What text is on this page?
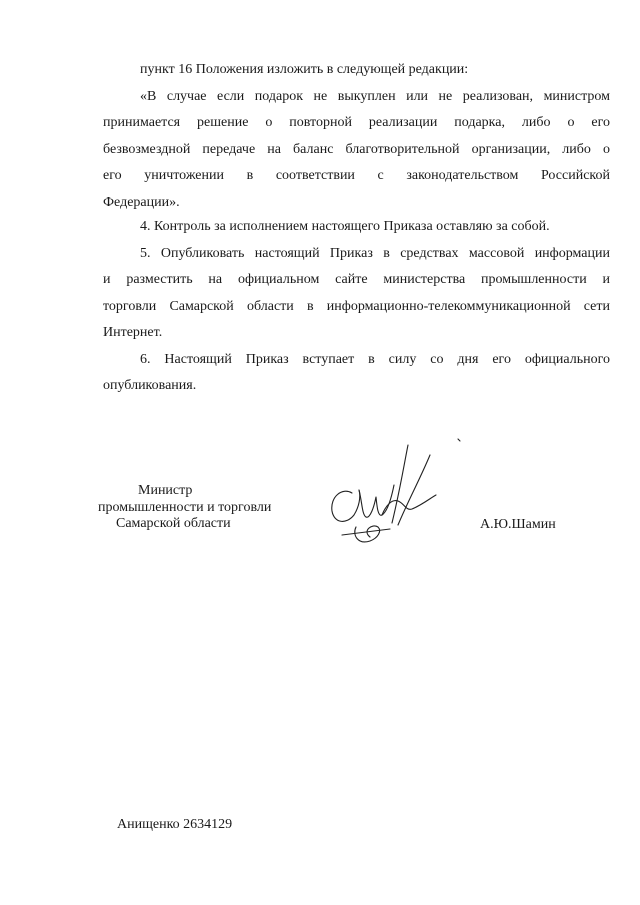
пункт 16 Положения изложить в следующей редакции:
«В случае если подарок не выкуплен или не реализован, министром
принимается решение о повторной реализации подарка, либо о его
безвозмездной передаче на баланс благотворительной организации, либо о
его уничтожении в соответствии с законодательством Российской
Федерации».
4. Контроль за исполнением настоящего Приказа оставляю за собой.
5. Опубликовать настоящий Приказ в средствах массовой информации
и разместить на официальном сайте министерства промышленности и
торговли Самарской области в информационно-телекоммуникационной сети
Интернет.
6. Настоящий Приказ вступает в силу со дня его официального
опубликования.
Министр
промышленности и торговли
Самарской области	А.Ю.Шамин
Анищенко 2634129
